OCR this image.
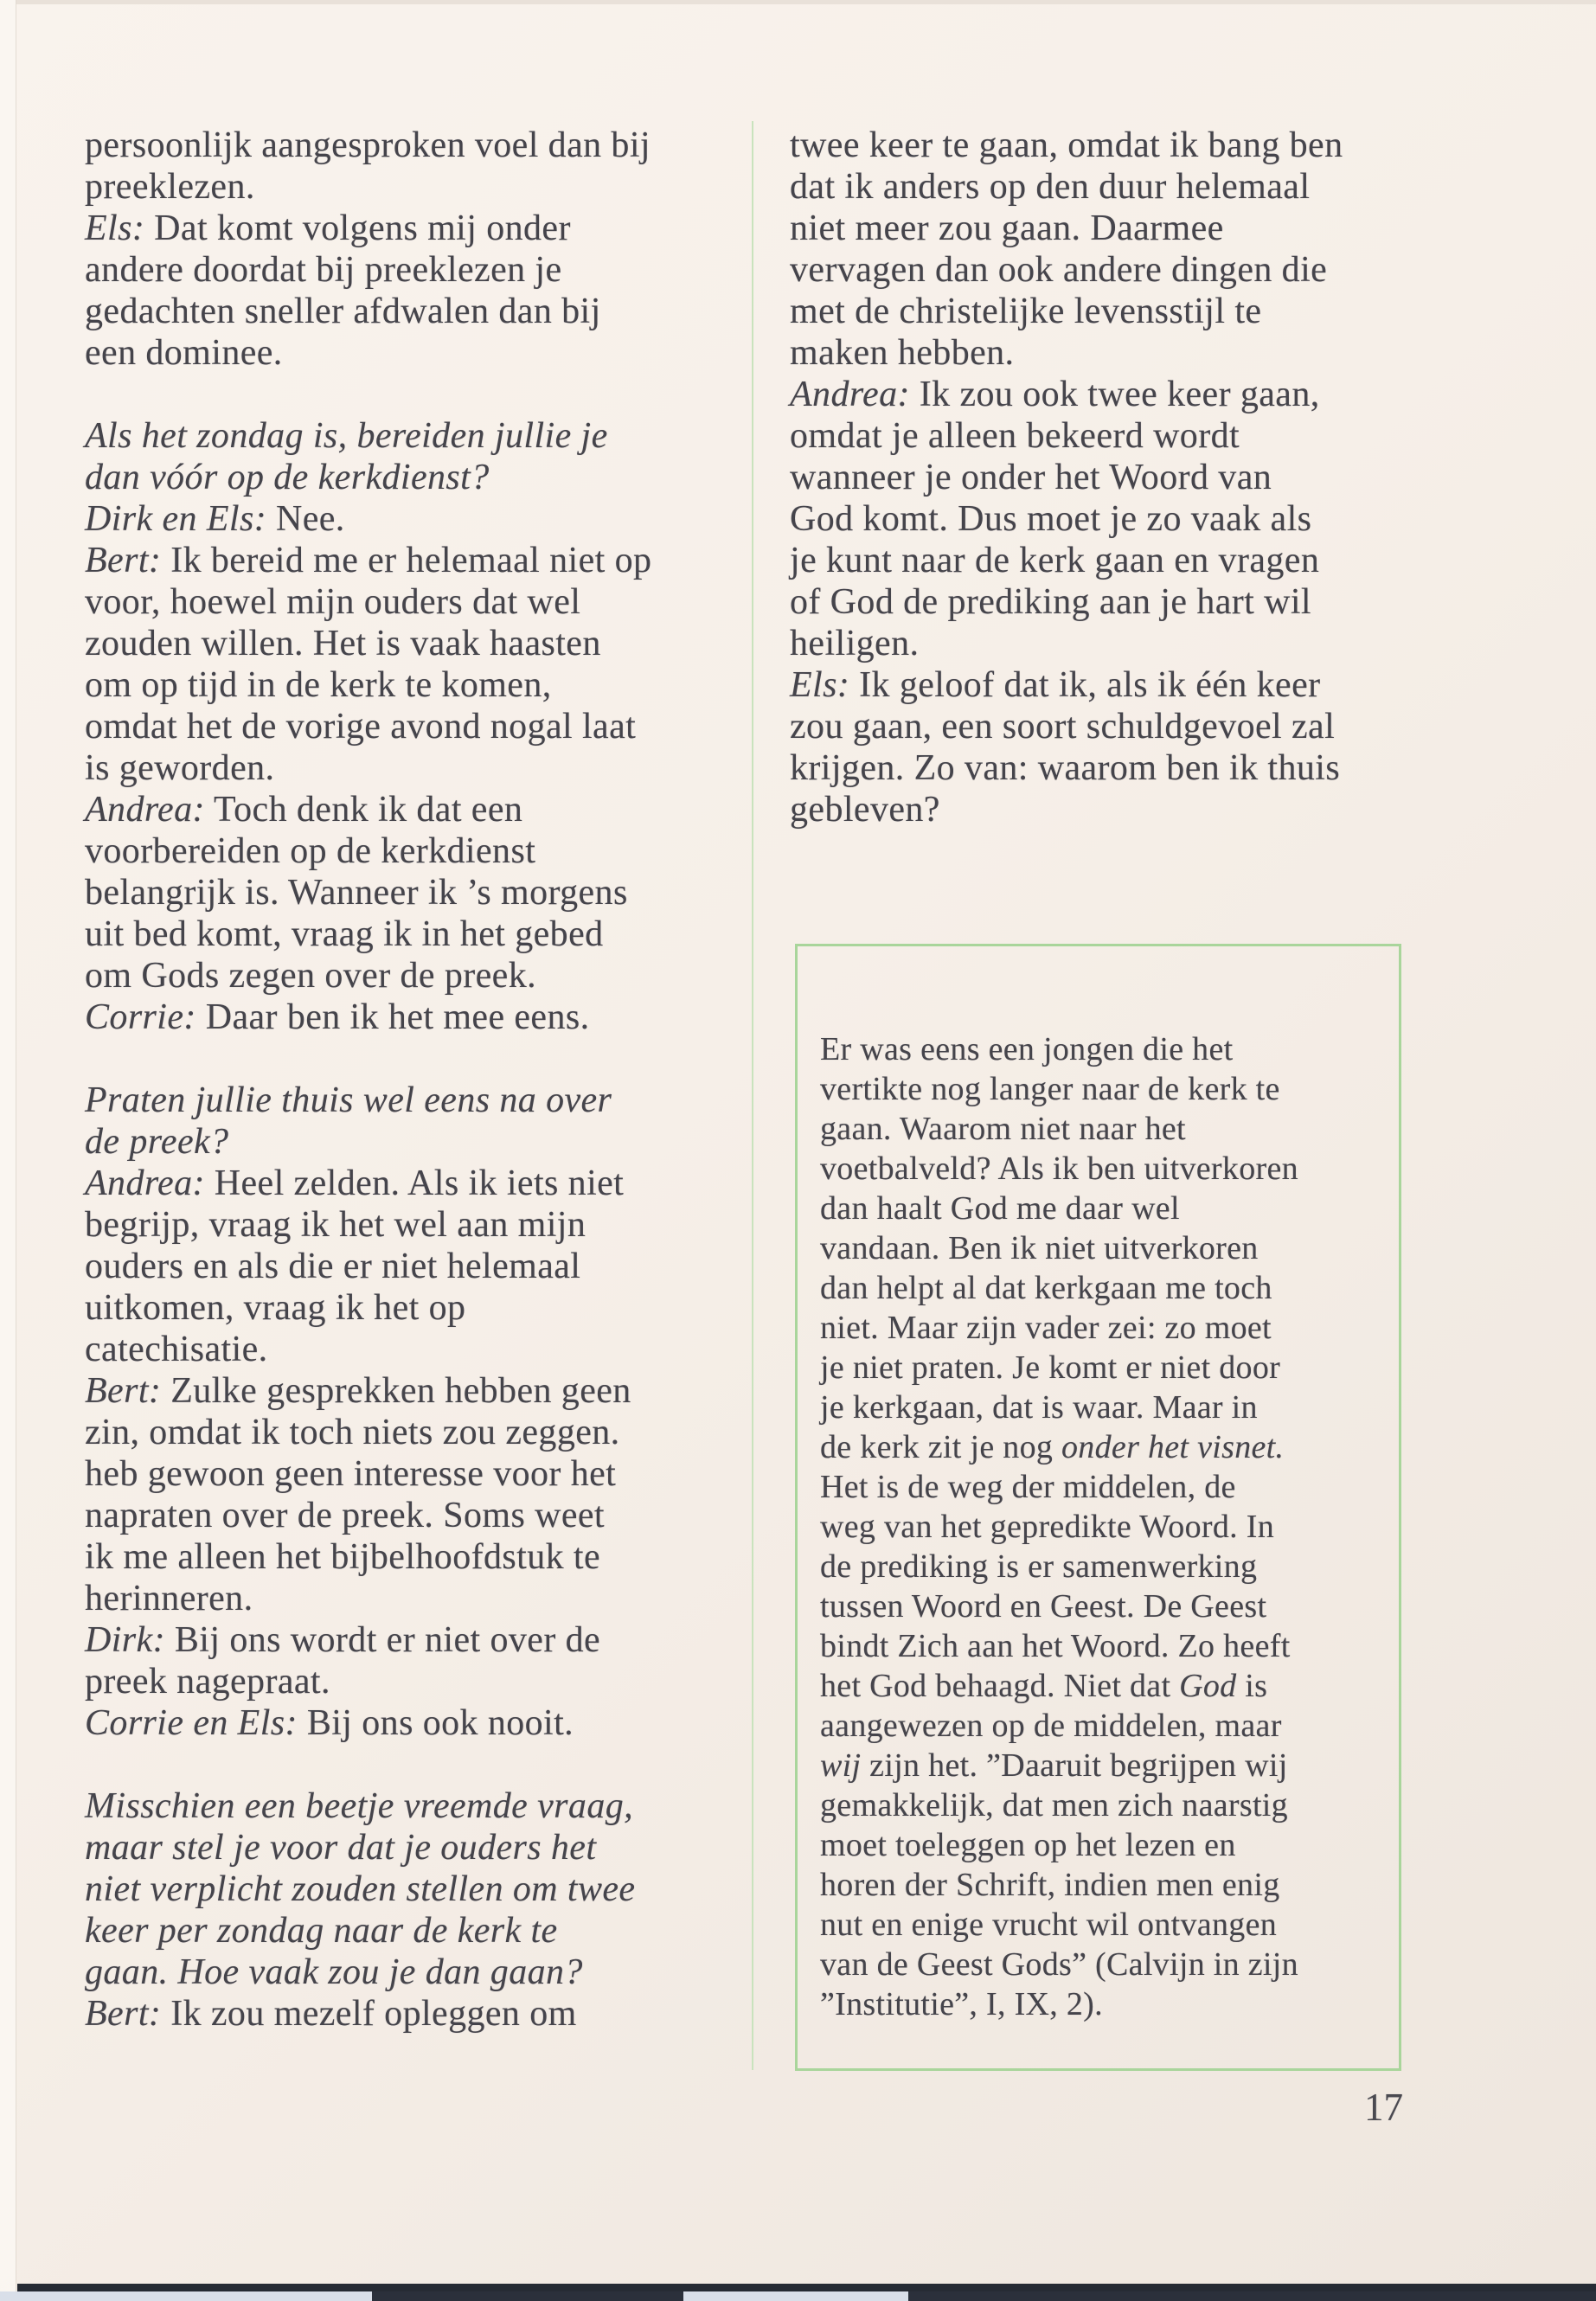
persoonlijk aangesproken voel dan bij
preeklezen.
Els: Dat komt volgens mij onder
andere doordat bij preeklezen je
gedachten sneller afdwalen dan bij
een dominee.
Als het zondag is, bereiden jullie je
dan vóór op de kerkdienst?
Dirk en Els: Nee.
Bert: Ik bereid me er helemaal niet op
voor, hoewel mijn ouders dat wel
zouden willen. Het is vaak haasten
om op tijd in de kerk te komen,
omdat het de vorige avond nogal laat
is geworden.
Andrea: Toch denk ik dat een
voorbereiden op de kerkdienst
belangrijk is. Wanneer ik ’s morgens
uit bed komt, vraag ik in het gebed
om Gods zegen over de preek.
Corrie: Daar ben ik het mee eens.
Praten jullie thuis wel eens na over
de preek?
Andrea: Heel zelden. Als ik iets niet
begrijp, vraag ik het wel aan mijn
ouders en als die er niet helemaal
uitkomen, vraag ik het op
catechisatie.
Bert: Zulke gesprekken hebben geen
zin, omdat ik toch niets zou zeggen.
heb gewoon geen interesse voor het
napraten over de preek. Soms weet
ik me alleen het bijbelhoofdstuk te
herinneren.
Dirk: Bij ons wordt er niet over de
preek nagepraat.
Corrie en Els: Bij ons ook nooit.
Misschien een beetje vreemde vraag,
maar stel je voor dat je ouders het
niet verplicht zouden stellen om twee
keer per zondag naar de kerk te
gaan. Hoe vaak zou je dan gaan?
Bert: Ik zou mezelf opleggen om
twee keer te gaan, omdat ik bang ben
dat ik anders op den duur helemaal
niet meer zou gaan. Daarmee
vervagen dan ook andere dingen die
met de christelijke levensstijl te
maken hebben.
Andrea: Ik zou ook twee keer gaan,
omdat je alleen bekeerd wordt
wanneer je onder het Woord van
God komt. Dus moet je zo vaak als
je kunt naar de kerk gaan en vragen
of God de prediking aan je hart wil
heiligen.
Els: Ik geloof dat ik, als ik één keer
zou gaan, een soort schuldgevoel zal
krijgen. Zo van: waarom ben ik thuis
gebleven?
Er was eens een jongen die het
vertikte nog langer naar de kerk te
gaan. Waarom niet naar het
voetbalveld? Als ik ben uitverkoren
dan haalt God me daar wel
vandaan. Ben ik niet uitverkoren
dan helpt al dat kerkgaan me toch
niet. Maar zijn vader zei: zo moet
je niet praten. Je komt er niet door
je kerkgaan, dat is waar. Maar in
de kerk zit je nog onder het visnet.
Het is de weg der middelen, de
weg van het gepredikte Woord. In
de prediking is er samenwerking
tussen Woord en Geest. De Geest
bindt Zich aan het Woord. Zo heeft
het God behaagd. Niet dat God is
aangewezen op de middelen, maar
wij zijn het. ”Daaruit begrijpen wij
gemakkelijk, dat men zich naarstig
moet toeleggen op het lezen en
horen der Schrift, indien men enig
nut en enige vrucht wil ontvangen
van de Geest Gods” (Calvijn in zijn
”Institutie”, I, IX, 2).
17
